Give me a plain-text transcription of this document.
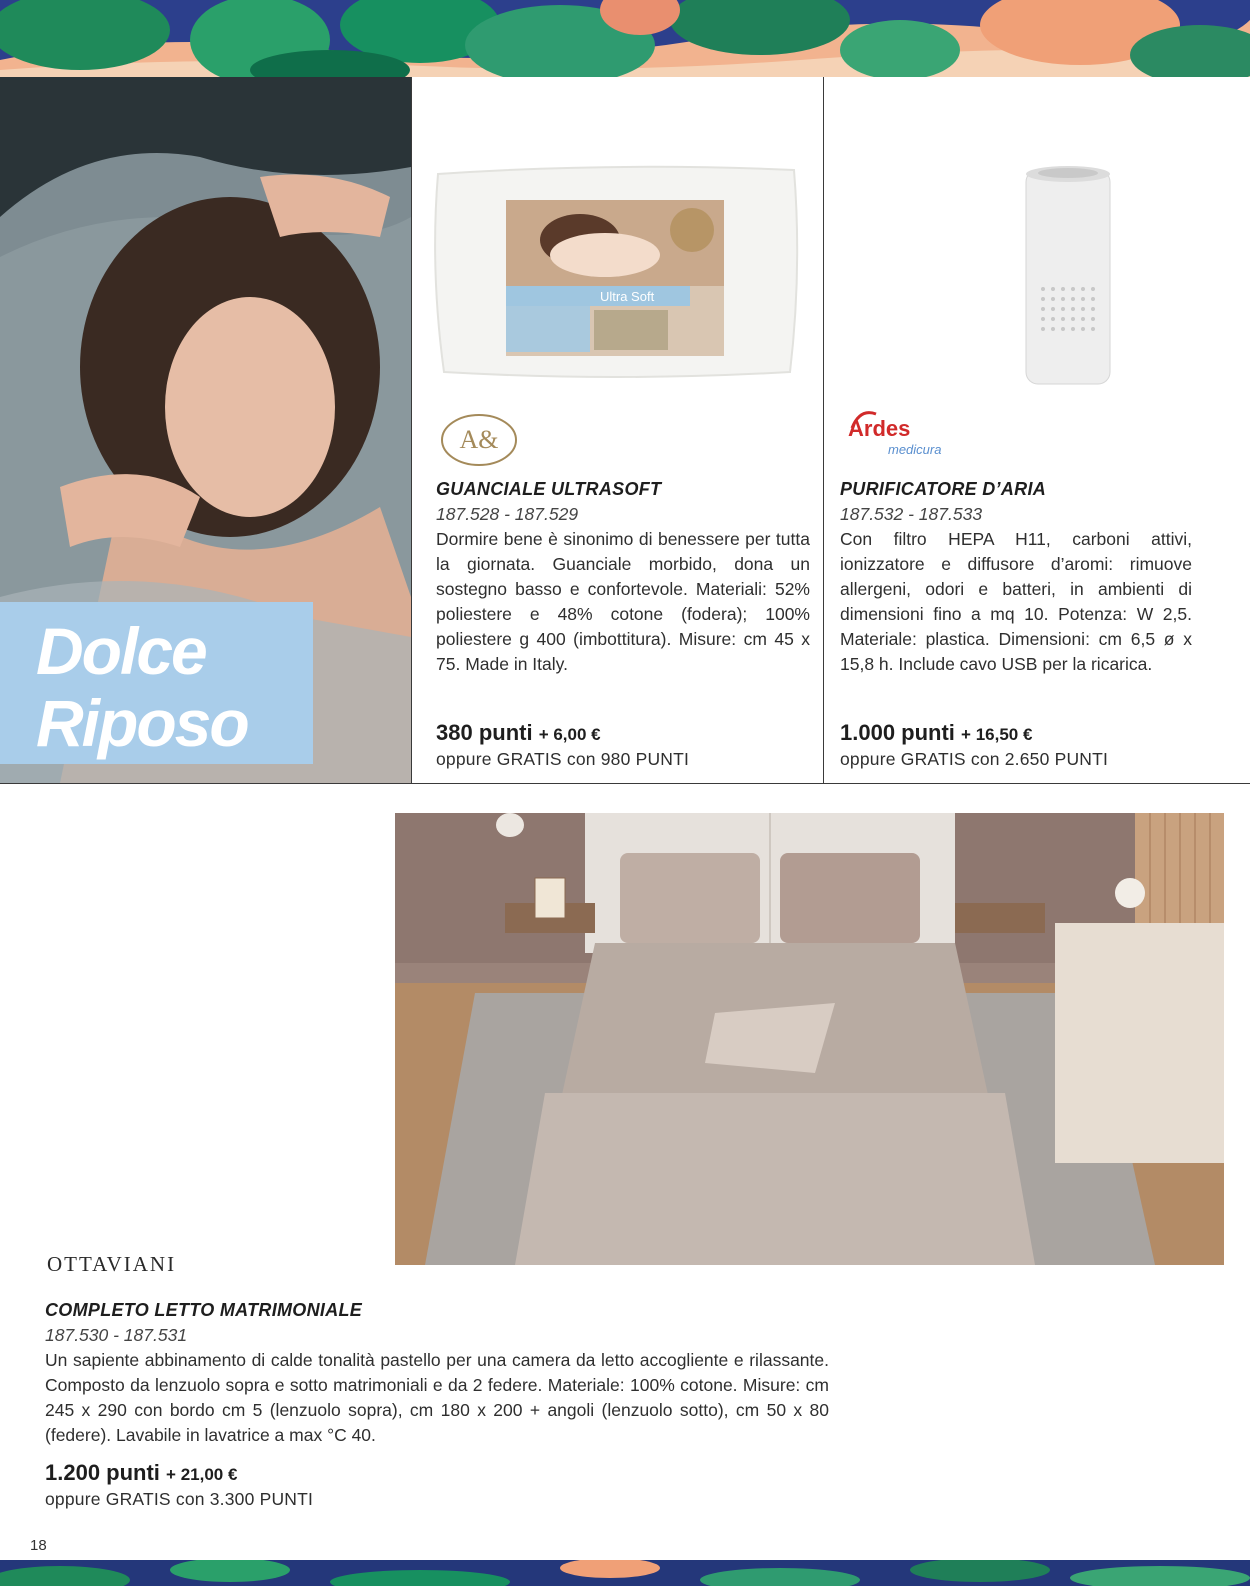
Dolce
Riposo
Ultra Soft
A&
GUANCIALE ULTRASOFT
187.528 - 187.529
Dormire bene è sinonimo di benessere per tutta la giornata. Guanciale morbido, dona un sostegno basso e confortevole. Materiali: 52% poliestere e 48% cotone (fodera); 100% poliestere g 400 (imbottitura). Misure: cm 45 x 75. Made in Italy.
380 punti + 6,00 €
oppure GRATIS con 980 PUNTI
Ardes
medicura
PURIFICATORE D’ARIA
187.532 - 187.533
Con filtro HEPA H11, carboni attivi, ionizzatore e diffusore d’aromi: rimuove allergeni, odori e batteri, in ambienti di dimensioni fino a mq 10. Potenza: W 2,5. Materiale: plastica. Dimensioni: cm 6,5 ø x 15,8 h. Include cavo USB per la ricarica.
1.000 punti + 16,50 €
oppure GRATIS con 2.650 PUNTI
OTTAVIANI
COMPLETO LETTO MATRIMONIALE
187.530 - 187.531
Un sapiente abbinamento di calde tonalità pastello per una camera da letto accogliente e rilassante. Composto da lenzuolo sopra e sotto matrimoniali e da 2 federe. Materiale: 100% cotone. Misure: cm 245 x 290 con bordo cm 5 (lenzuolo sopra), cm 180 x 200 + angoli (lenzuolo sotto), cm 50 x 80 (federe). Lavabile in lavatrice a max °C 40.
1.200 punti + 21,00 €
oppure GRATIS con 3.300 PUNTI
18
